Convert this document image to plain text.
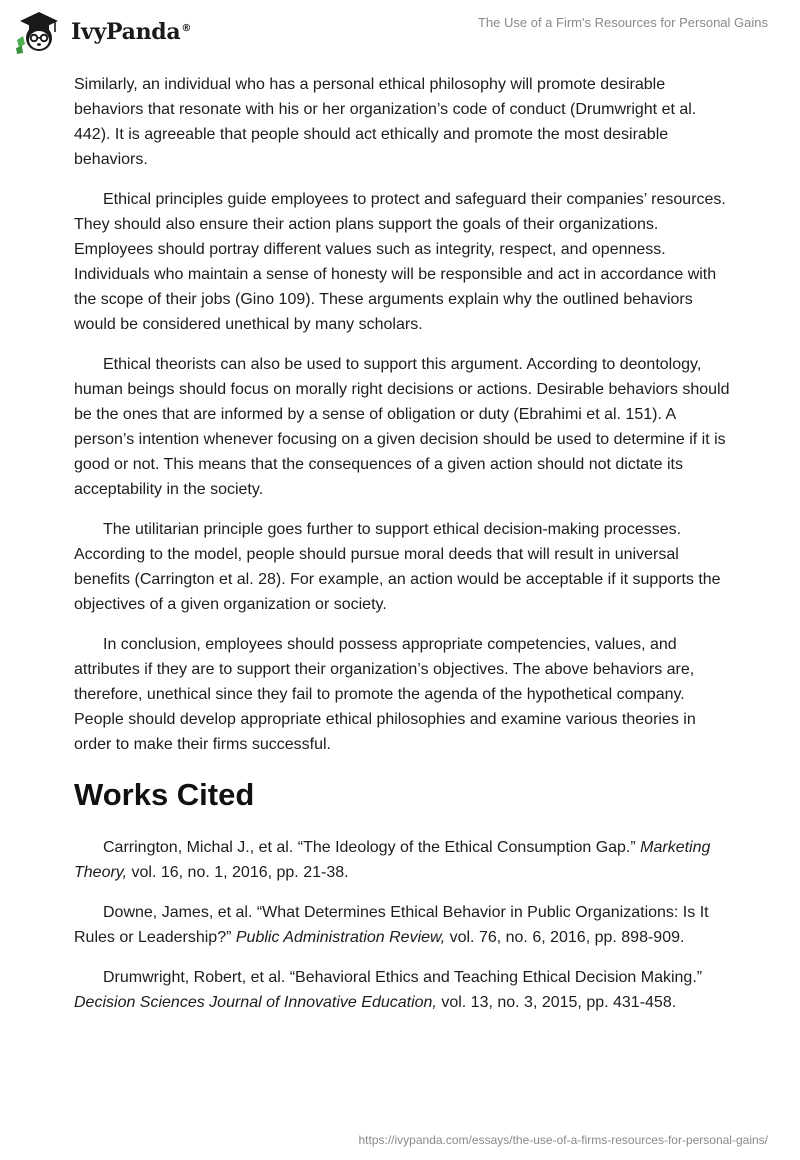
IvyPanda®	The Use of a Firm's Resources for Personal Gains

Similarly, an individual who has a personal ethical philosophy will promote desirable behaviors that resonate with his or her organization’s code of conduct (Drumwright et al. 442). It is agreeable that people should act ethically and promote the most desirable behaviors.

Ethical principles guide employees to protect and safeguard their companies’ resources. They should also ensure their action plans support the goals of their organizations. Employees should portray different values such as integrity, respect, and openness. Individuals who maintain a sense of honesty will be responsible and act in accordance with the scope of their jobs (Gino 109). These arguments explain why the outlined behaviors would be considered unethical by many scholars.

Ethical theorists can also be used to support this argument. According to deontology, human beings should focus on morally right decisions or actions. Desirable behaviors should be the ones that are informed by a sense of obligation or duty (Ebrahimi et al. 151). A person’s intention whenever focusing on a given decision should be used to determine if it is good or not. This means that the consequences of a given action should not dictate its acceptability in the society.

The utilitarian principle goes further to support ethical decision-making processes. According to the model, people should pursue moral deeds that will result in universal benefits (Carrington et al. 28). For example, an action would be acceptable if it supports the objectives of a given organization or society.

In conclusion, employees should possess appropriate competencies, values, and attributes if they are to support their organization’s objectives. The above behaviors are, therefore, unethical since they fail to promote the agenda of the hypothetical company. People should develop appropriate ethical philosophies and examine various theories in order to make their firms successful.

Works Cited

Carrington, Michal J., et al. “The Ideology of the Ethical Consumption Gap.” Marketing Theory, vol. 16, no. 1, 2016, pp. 21-38.

Downe, James, et al. “What Determines Ethical Behavior in Public Organizations: Is It Rules or Leadership?” Public Administration Review, vol. 76, no. 6, 2016, pp. 898-909.

Drumwright, Robert, et al. “Behavioral Ethics and Teaching Ethical Decision Making.” Decision Sciences Journal of Innovative Education, vol. 13, no. 3, 2015, pp. 431-458.

https://ivypanda.com/essays/the-use-of-a-firms-resources-for-personal-gains/
